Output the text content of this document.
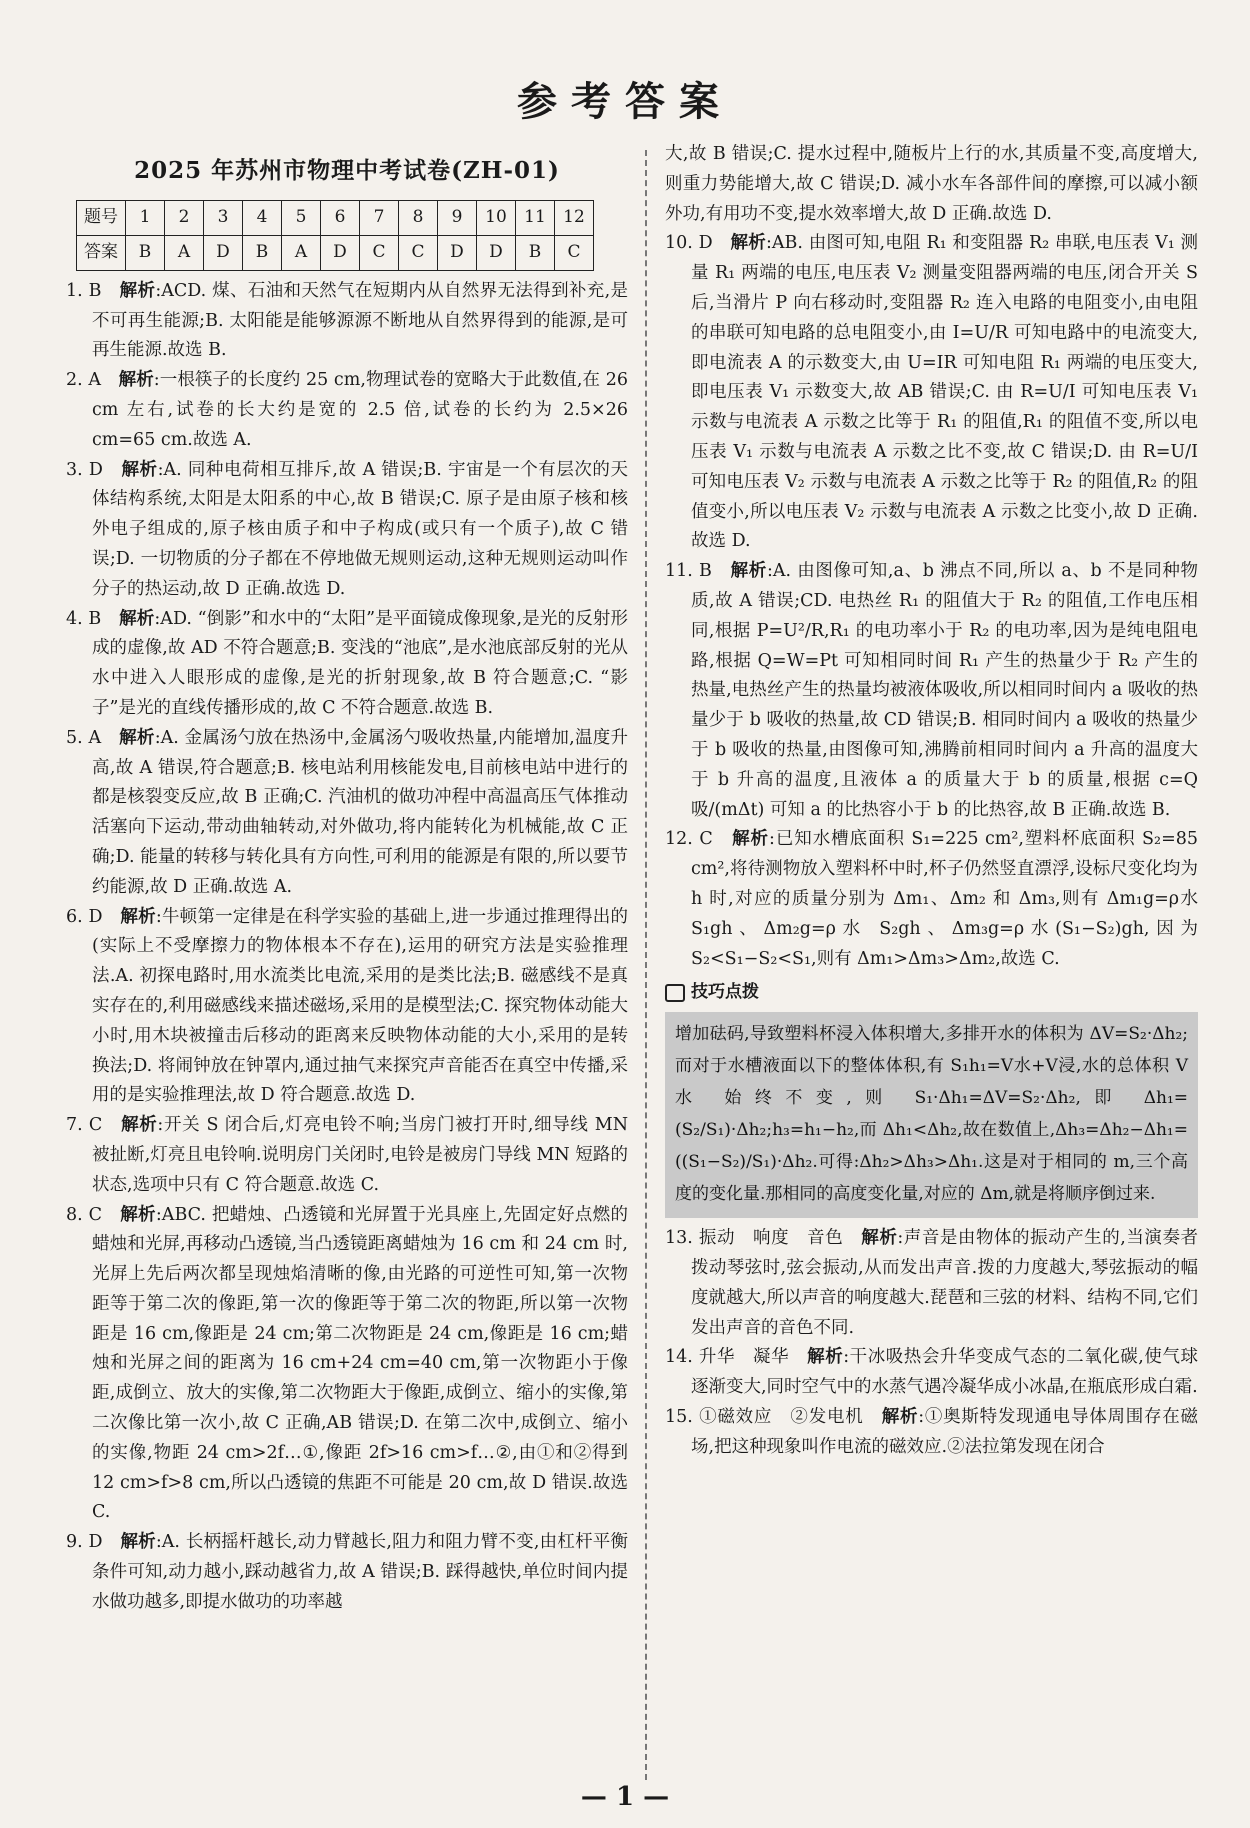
参考答案
2025 年苏州市物理中考试卷(ZH-01)
题号	1	2	3	4	5	6	7	8	9	10	11	12
答案	B	A	D	B	A	D	C	C	D	D	B	C

1. B　解析:ACD. 煤、石油和天然气在短期内从自然界无法得到补充,是不可再生能源;B. 太阳能是能够源源不断地从自然界得到的能源,是可再生能源.故选 B.

2. A　解析:一根筷子的长度约 25 cm,物理试卷的宽略大于此数值,在 26 cm 左右,试卷的长大约是宽的 2.5 倍,试卷的长约为 2.5×26 cm=65 cm.故选 A.

3. D　解析:A. 同种电荷相互排斥,故 A 错误;B. 宇宙是一个有层次的天体结构系统,太阳是太阳系的中心,故 B 错误;C. 原子是由原子核和核外电子组成的,原子核由质子和中子构成(或只有一个质子),故 C 错误;D. 一切物质的分子都在不停地做无规则运动,这种无规则运动叫作分子的热运动,故 D 正确.故选 D.

4. B　解析:AD. “倒影”和水中的“太阳”是平面镜成像现象,是光的反射形成的虚像,故 AD 不符合题意;B. 变浅的“池底”,是水池底部反射的光从水中进入人眼形成的虚像,是光的折射现象,故 B 符合题意;C. “影子”是光的直线传播形成的,故 C 不符合题意.故选 B.

5. A　解析:A. 金属汤勺放在热汤中,金属汤勺吸收热量,内能增加,温度升高,故 A 错误,符合题意;B. 核电站利用核能发电,目前核电站中进行的都是核裂变反应,故 B 正确;C. 汽油机的做功冲程中高温高压气体推动活塞向下运动,带动曲轴转动,对外做功,将内能转化为机械能,故 C 正确;D. 能量的转移与转化具有方向性,可利用的能源是有限的,所以要节约能源,故 D 正确.故选 A.

6. D　解析:牛顿第一定律是在科学实验的基础上,进一步通过推理得出的(实际上不受摩擦力的物体根本不存在),运用的研究方法是实验推理法.A. 初探电路时,用水流类比电流,采用的是类比法;B. 磁感线不是真实存在的,利用磁感线来描述磁场,采用的是模型法;C. 探究物体动能大小时,用木块被撞击后移动的距离来反映物体动能的大小,采用的是转换法;D. 将闹钟放在钟罩内,通过抽气来探究声音能否在真空中传播,采用的是实验推理法,故 D 符合题意.故选 D.

7. C　解析:开关 S 闭合后,灯亮电铃不响;当房门被打开时,细导线 MN 被扯断,灯亮且电铃响.说明房门关闭时,电铃是被房门导线 MN 短路的状态,选项中只有 C 符合题意.故选 C.

8. C　解析:ABC. 把蜡烛、凸透镜和光屏置于光具座上,先固定好点燃的蜡烛和光屏,再移动凸透镜,当凸透镜距离蜡烛为 16 cm 和 24 cm 时,光屏上先后两次都呈现烛焰清晰的像,由光路的可逆性可知,第一次物距等于第二次的像距,第一次的像距等于第二次的物距,所以第一次物距是 16 cm,像距是 24 cm;第二次物距是 24 cm,像距是 16 cm;蜡烛和光屏之间的距离为 16 cm+24 cm=40 cm,第一次物距小于像距,成倒立、放大的实像,第二次物距大于像距,成倒立、缩小的实像,第二次像比第一次小,故 C 正确,AB 错误;D. 在第二次中,成倒立、缩小的实像,物距 24 cm>2f…①,像距 2f>16 cm>f…②,由①和②得到 12 cm>f>8 cm,所以凸透镜的焦距不可能是 20 cm,故 D 错误.故选 C.

9. D　解析:A. 长柄摇杆越长,动力臂越长,阻力和阻力臂不变,由杠杆平衡条件可知,动力越小,踩动越省力,故 A 错误;B. 踩得越快,单位时间内提水做功越多,即提水做功的功率越

大,故 B 错误;C. 提水过程中,随板片上行的水,其质量不变,高度增大,则重力势能增大,故 C 错误;D. 减小水车各部件间的摩擦,可以减小额外功,有用功不变,提水效率增大,故 D 正确.故选 D.

10. D　解析:AB. 由图可知,电阻 R₁ 和变阻器 R₂ 串联,电压表 V₁ 测量 R₁ 两端的电压,电压表 V₂ 测量变阻器两端的电压,闭合开关 S 后,当滑片 P 向右移动时,变阻器 R₂ 连入电路的电阻变小,由电阻的串联可知电路的总电阻变小,由 I=U/R 可知电路中的电流变大,即电流表 A 的示数变大,由 U=IR 可知电阻 R₁ 两端的电压变大,即电压表 V₁ 示数变大,故 AB 错误;C. 由 R=U/I 可知电压表 V₁ 示数与电流表 A 示数之比等于 R₁ 的阻值,R₁ 的阻值不变,所以电压表 V₁ 示数与电流表 A 示数之比不变,故 C 错误;D. 由 R=U/I 可知电压表 V₂ 示数与电流表 A 示数之比等于 R₂ 的阻值,R₂ 的阻值变小,所以电压表 V₂ 示数与电流表 A 示数之比变小,故 D 正确.故选 D.

11. B　解析:A. 由图像可知,a、b 沸点不同,所以 a、b 不是同种物质,故 A 错误;CD. 电热丝 R₁ 的阻值大于 R₂ 的阻值,工作电压相同,根据 P=U²/R,R₁ 的电功率小于 R₂ 的电功率,因为是纯电阻电路,根据 Q=W=Pt 可知相同时间 R₁ 产生的热量少于 R₂ 产生的热量,电热丝产生的热量均被液体吸收,所以相同时间内 a 吸收的热量少于 b 吸收的热量,故 CD 错误;B. 相同时间内 a 吸收的热量少于 b 吸收的热量,由图像可知,沸腾前相同时间内 a 升高的温度大于 b 升高的温度,且液体 a 的质量大于 b 的质量,根据 c=Q吸/(mΔt) 可知 a 的比热容小于 b 的比热容,故 B 正确.故选 B.

12. C　解析:已知水槽底面积 S₁=225 cm²,塑料杯底面积 S₂=85 cm²,将待测物放入塑料杯中时,杯子仍然竖直漂浮,设标尺变化均为 h 时,对应的质量分别为 Δm₁、Δm₂ 和 Δm₃,则有 Δm₁g=ρ水S₁gh、Δm₂g=ρ水 S₂gh、Δm₃g=ρ水(S₁−S₂)gh,因为 S₂<S₁−S₂<S₁,则有 Δm₁>Δm₃>Δm₂,故选 C.

技巧点拨
增加砝码,导致塑料杯浸入体积增大,多排开水的体积为 ΔV=S₂·Δh₂;而对于水槽液面以下的整体体积,有 S₁h₁=V水+V浸,水的总体积 V水 始终不变,则 S₁·Δh₁=ΔV=S₂·Δh₂,即 Δh₁=(S₂/S₁)·Δh₂;h₃=h₁−h₂,而 Δh₁<Δh₂,故在数值上,Δh₃=Δh₂−Δh₁=((S₁−S₂)/S₁)·Δh₂.可得:Δh₂>Δh₃>Δh₁.这是对于相同的 m,三个高度的变化量.那相同的高度变化量,对应的 Δm,就是将顺序倒过来.

13. 振动　响度　音色　解析:声音是由物体的振动产生的,当演奏者拨动琴弦时,弦会振动,从而发出声音.拨的力度越大,琴弦振动的幅度就越大,所以声音的响度越大.琵琶和三弦的材料、结构不同,它们发出声音的音色不同.

14. 升华　凝华　解析:干冰吸热会升华变成气态的二氧化碳,使气球逐渐变大,同时空气中的水蒸气遇冷凝华成小冰晶,在瓶底形成白霜.

15. ①磁效应　②发电机　解析:①奥斯特发现通电导体周围存在磁场,把这种现象叫作电流的磁效应.②法拉第发现在闭合

— 1 —
